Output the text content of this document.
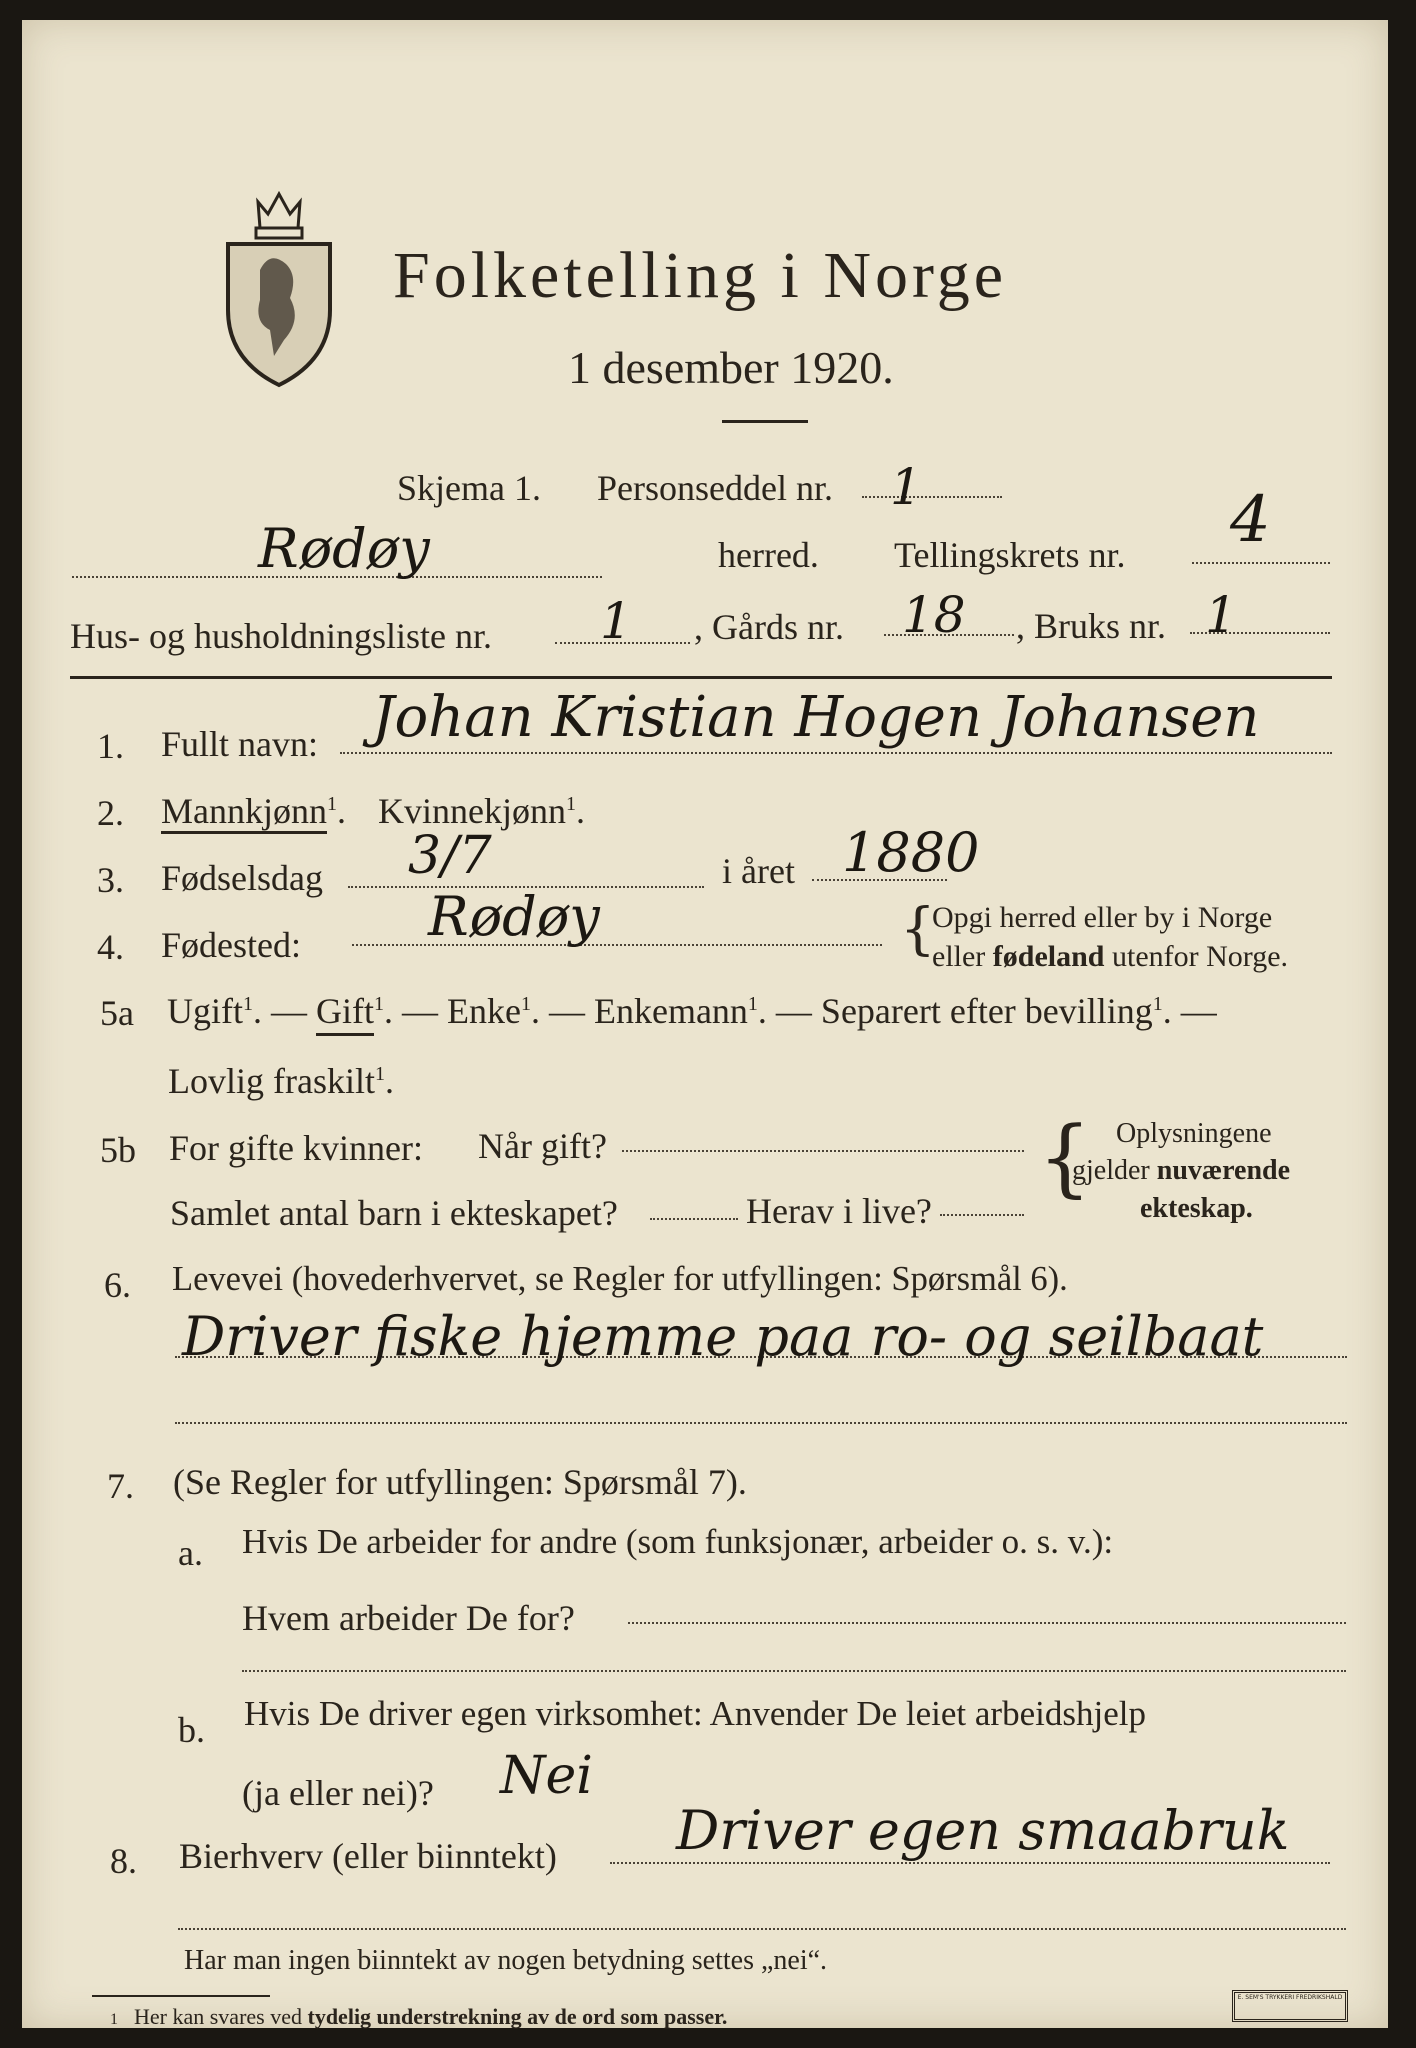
Folketelling i Norge
1 desember 1920.
Skjema 1. Personseddel nr. 1
Rødøy	herred. Tellingskrets nr. 4
Hus- og husholdningsliste nr. 1 , Gårds nr. 18 , Bruks nr. 1
1. Fullt navn: Johan Kristian Hogen Johansen
2. Mannkjønn$^1$. Kvinnekjønn$^1$.
3. Fødselsdag 3/7	i året 1880
4. Fødested: Rødøy	{
Opgi herred eller by i Norge
eller fødeland utenfor Norge.
5a Ugift$^1$. — Gift$^1$. — Enke$^1$. — Enkemann$^1$. — Separert efter bevilling$^1$. —
Lovlig fraskilt$^1$.
5b For gifte kvinner: Når gift?
Samlet antal barn i ekteskapet?	Herav i live?
{ Oplysningene
gjelder nuværende
ekteskap.
6. Levevei (hovederhvervet, se Regler for utfyllingen: Spørsmål 6).
Driver fiske hjemme paa ro- og seilbaat
7. (Se Regler for utfyllingen: Spørsmål 7).
a. Hvis De arbeider for andre (som funksjonær, arbeider o. s. v.):
Hvem arbeider De for?
b. Hvis De driver egen virksomhet: Anvender De leiet arbeidshjelp
(ja eller nei)? Nei
8. Bierhverv (eller biinntekt) Driver egen smaabruk
Har man ingen biinntekt av nogen betydning settes „nei“.
1 Her kan svares ved tydelig understrekning av de ord som passer.
E. SEM'S TRYKKERI FREDRIKSHALD
